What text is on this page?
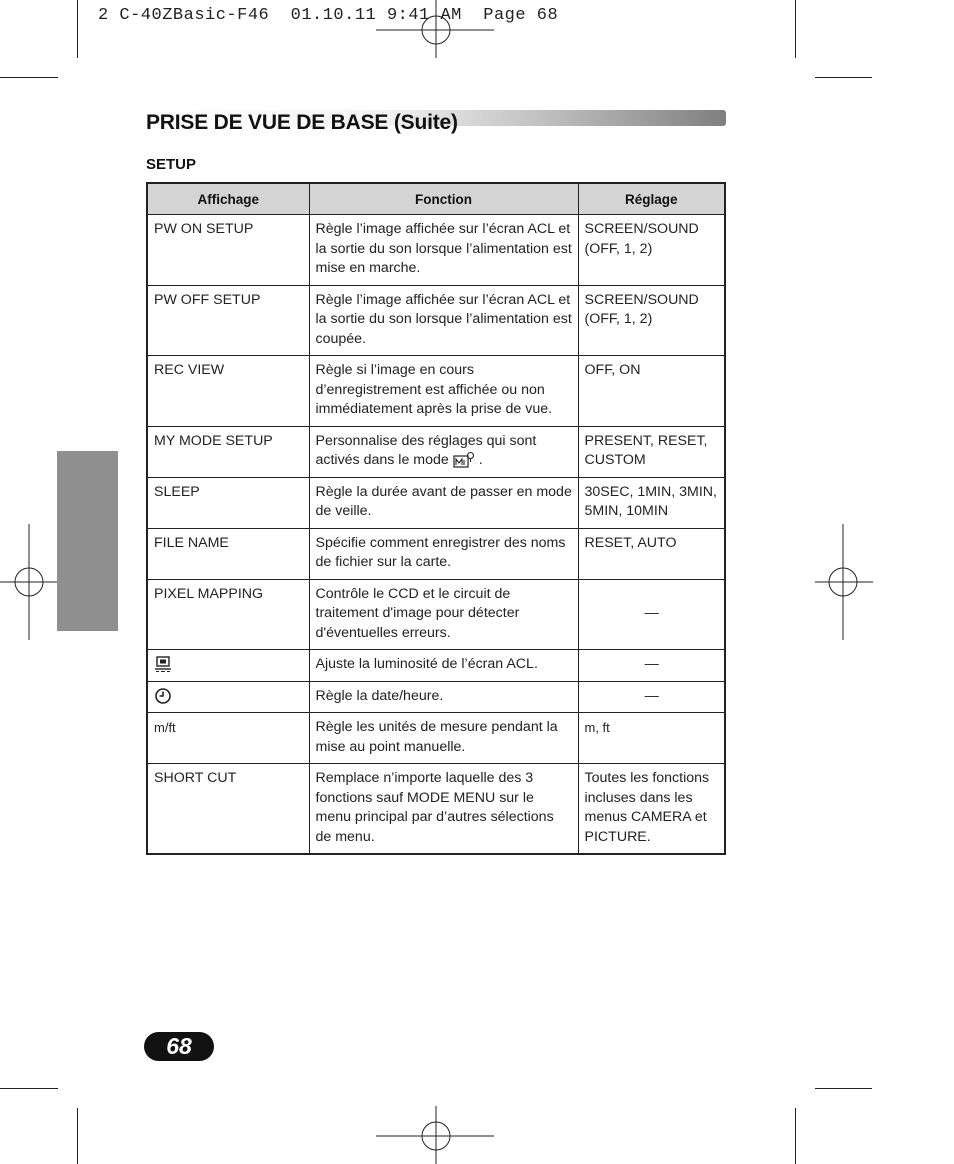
2 C-40ZBasic-F46  01.10.11 9:41 AM  Page 68
PRISE DE VUE DE BASE (Suite)
SETUP
Affichage	Fonction	Réglage
PW ON SETUP	Règle l’image affichée sur l’écran ACL et la sortie du son lorsque l’alimentation est mise en marche.	SCREEN/SOUND (OFF, 1, 2)
PW OFF SETUP	Règle l’image affichée sur l’écran ACL et la sortie du son lorsque l’alimentation est coupée.	SCREEN/SOUND (OFF, 1, 2)
REC VIEW	Règle si l’image en cours d’enregistrement est affichée ou non immédiatement après la prise de vue.	OFF, ON
MY MODE SETUP	Personnalise des réglages qui sont activés dans le mode .	PRESENT, RESET, CUSTOM
SLEEP	Règle la durée avant de passer en mode de veille.	30SEC, 1MIN, 3MIN, 5MIN, 10MIN
FILE NAME	Spécifie comment enregistrer des noms de fichier sur la carte.	RESET, AUTO
PIXEL MAPPING	Contrôle le CCD et le circuit de traitement d'image pour détecter d'éventuelles erreurs.	—
	Ajuste la luminosité de l’écran ACL.	—
	Règle la date/heure.	—
m/ft	Règle les unités de mesure pendant la mise au point manuelle.	m, ft
SHORT CUT	Remplace n’importe laquelle des 3 fonctions sauf MODE MENU sur le menu principal par d’autres sélections de menu.	Toutes les fonctions incluses dans les menus CAMERA et PICTURE.
68
